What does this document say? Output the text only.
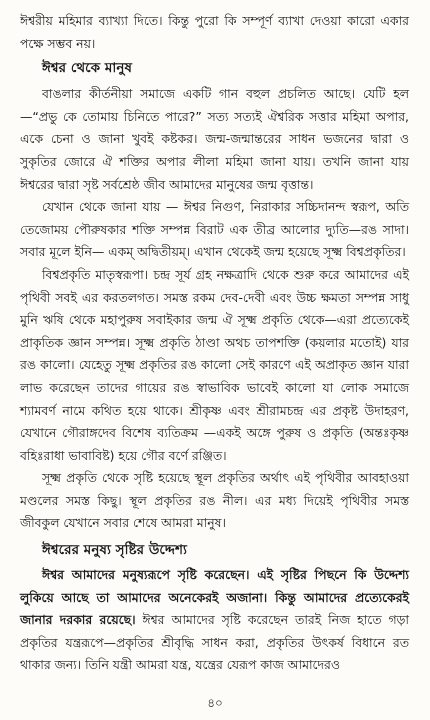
ঈশ্বরীয় মহিমার ব্যাখ্যা দিতে। কিন্তু পুরো কি সম্পূর্ণ ব্যাখা দেওয়া কারো একার পক্ষে সম্ভব নয়।

ঈশ্বর থেকে মানুষ

বাঙলার কীর্তনীয়া সমাজে একটি গান বহুল প্রচলিত আছে। যেটি হল—“প্রভু কে তোমায় চিনিতে পারে?” সত্য সত্যই ঐশ্বরিক সত্তার মহিমা অপার, একে চেনা ও জানা খুবই কষ্টকর। জন্ম-জন্মান্তরের সাধন ভজনের দ্বারা ও সুকৃতির জোরে ঐ শক্তির অপার লীলা মহিমা জানা যায়। তখনি জানা যায় ঈশ্বরের দ্বারা সৃষ্ট সর্বশ্রেষ্ঠ জীব আমাদের মানুষের জন্ম বৃত্তান্ত।

যেখান থেকে জানা যায় — ঈশ্বর নিগুণ, নিরাকার সচ্চিদানন্দ স্বরূপ, অতি তেজোময় পৌরুষকার শক্তি সম্পন্ন বিরাট এক তীব্র আলোর দ্যুতি—রঙ সাদা। সবার মূলে ইনি— একম্ অদ্বিতীয়ম্। এখান থেকেই জন্ম হয়েছে সূক্ষ্ম বিশ্বপ্রকৃতির।

বিশ্বপ্রকৃতি মাতৃস্বরূপা। চন্দ্র সূর্য গ্রহ নক্ষত্রাদি থেকে শুরু করে আমাদের এই পৃথিবী সবই এর করতলগত। সমস্ত রকম দেব-দেবী এবং উচ্চ ক্ষমতা সম্পন্ন সাধু মুনি ঋষি থেকে মহাপুরুষ সবাইকার জন্ম ঐ সূক্ষ্ম প্রকৃতি থেকে—এরা প্রত্যেকেই প্রাকৃতিক জ্ঞান সম্পন্ন। সূক্ষ্ম প্রকৃতি ঠাণ্ডা অথচ তাপশক্তি (কয়লার মতোই) যার রঙ কালো। যেহেতু সূক্ষ্ম প্রকৃতির রঙ কালো সেই কারণে এই অপ্রাকৃত জ্ঞান যারা লাভ করেছেন তাদের গায়ের রঙ স্বাভাবিক ভাবেই কালো যা লোক সমাজে শ্যামবর্ণ নামে কথিত হয়ে থাকে। শ্রীকৃষ্ণ এবং শ্রীরামচন্দ্র এর প্রকৃষ্ট উদাহরণ, যেখানে গৌরাঙ্গদেব বিশেষ ব্যতিক্রম —একই অঙ্গে পুরুষ ও প্রকৃতি (অন্তঃকৃষ্ণ বহিঃরাধা ভাবাবিষ্ট) হয়ে গৌর বর্ণে রঞ্জিত।

সূক্ষ্ম প্রকৃতি থেকে সৃষ্টি হয়েছে স্থূল প্রকৃতির অর্থাৎ এই পৃথিবীর আবহাওয়া মণ্ডলের সমস্ত কিছু। স্থূল প্রকৃতির রঙ নীল। এর মধ্য দিয়েই পৃথিবীর সমস্ত জীবকুল যেখানে সবার শেষে আমরা মানুষ।

ঈশ্বরের মনুষ্য সৃষ্টির উদ্দেশ্য

ঈশ্বর আমাদের মনুষ্যরূপে সৃষ্টি করেছেন। এই সৃষ্টির পিছনে কি উদ্দেশ্য লুকিয়ে আছে তা আমাদের অনেকেরই অজানা। কিন্তু আমাদের প্রত্যেকেরই জানার দরকার রয়েছে। ঈশ্বর আমাদের সৃষ্টি করেছেন তারই নিজ হাতে গড়া প্রকৃতির যন্ত্ররূপে—প্রকৃতির শ্রীবৃদ্ধি সাধন করা, প্রকৃতির উৎকর্ষ বিধানে রত থাকার জন্য। তিনি যন্ত্রী আমরা যন্ত্র, যন্ত্রের যেরূপ কাজ আমাদেরও

৪০
